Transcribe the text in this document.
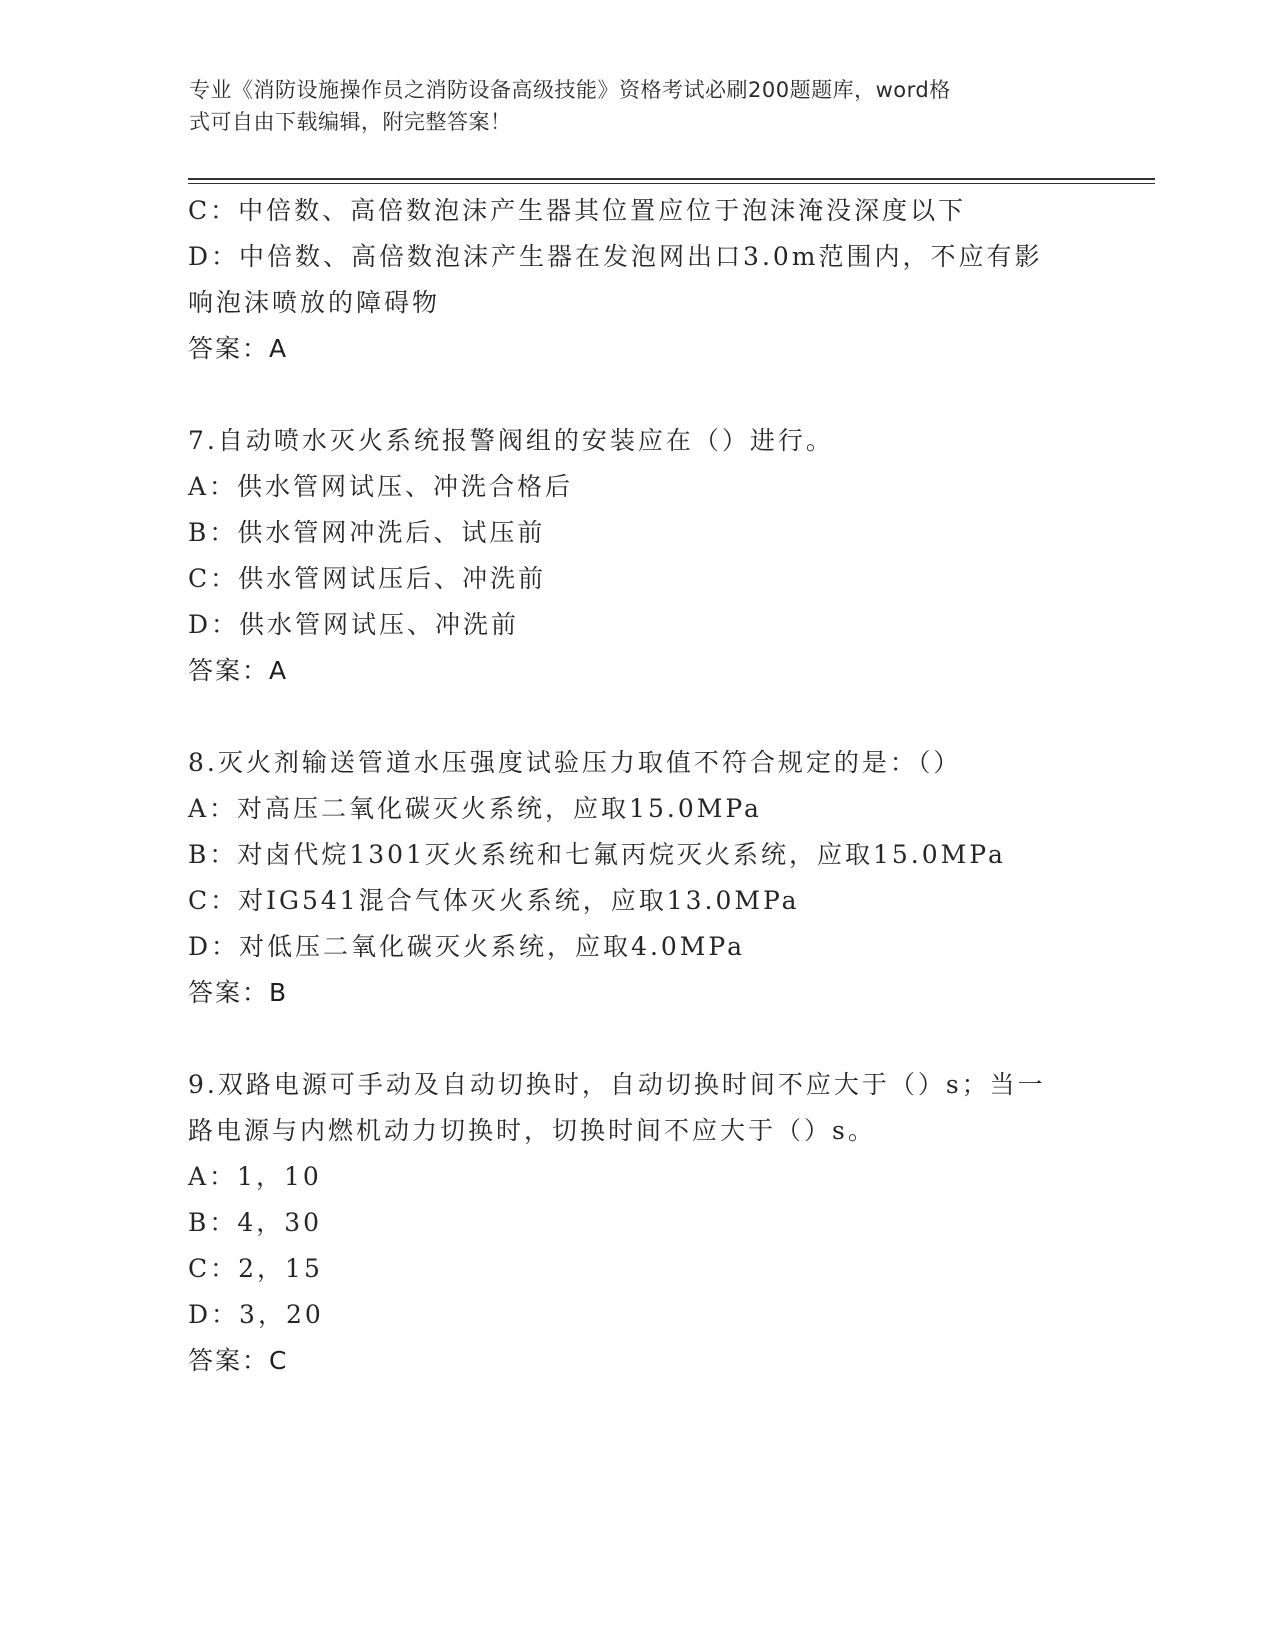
专业《消防设施操作员之消防设备高级技能》资格考试必刷200题题库，word格
式可自由下载编辑，附完整答案！
C：中倍数、高倍数泡沫产生器其位置应位于泡沫淹没深度以下
D：中倍数、高倍数泡沫产生器在发泡网出口3.0m范围内，不应有影
响泡沫喷放的障碍物
答案：A
7.自动喷水灭火系统报警阀组的安装应在（）进行。
A：供水管网试压、冲洗合格后
B：供水管网冲洗后、试压前
C：供水管网试压后、冲洗前
D：供水管网试压、冲洗前
答案：A
8.灭火剂输送管道水压强度试验压力取值不符合规定的是：（）
A：对高压二氧化碳灭火系统，应取15.0MPa
B：对卤代烷1301灭火系统和七氟丙烷灭火系统，应取15.0MPa
C：对IG541混合气体灭火系统，应取13.0MPa
D：对低压二氧化碳灭火系统，应取4.0MPa
答案：B
9.双路电源可手动及自动切换时，自动切换时间不应大于（）s；当一
路电源与内燃机动力切换时，切换时间不应大于（）s。
A：1，10
B：4，30
C：2，15
D：3，20
答案：C
